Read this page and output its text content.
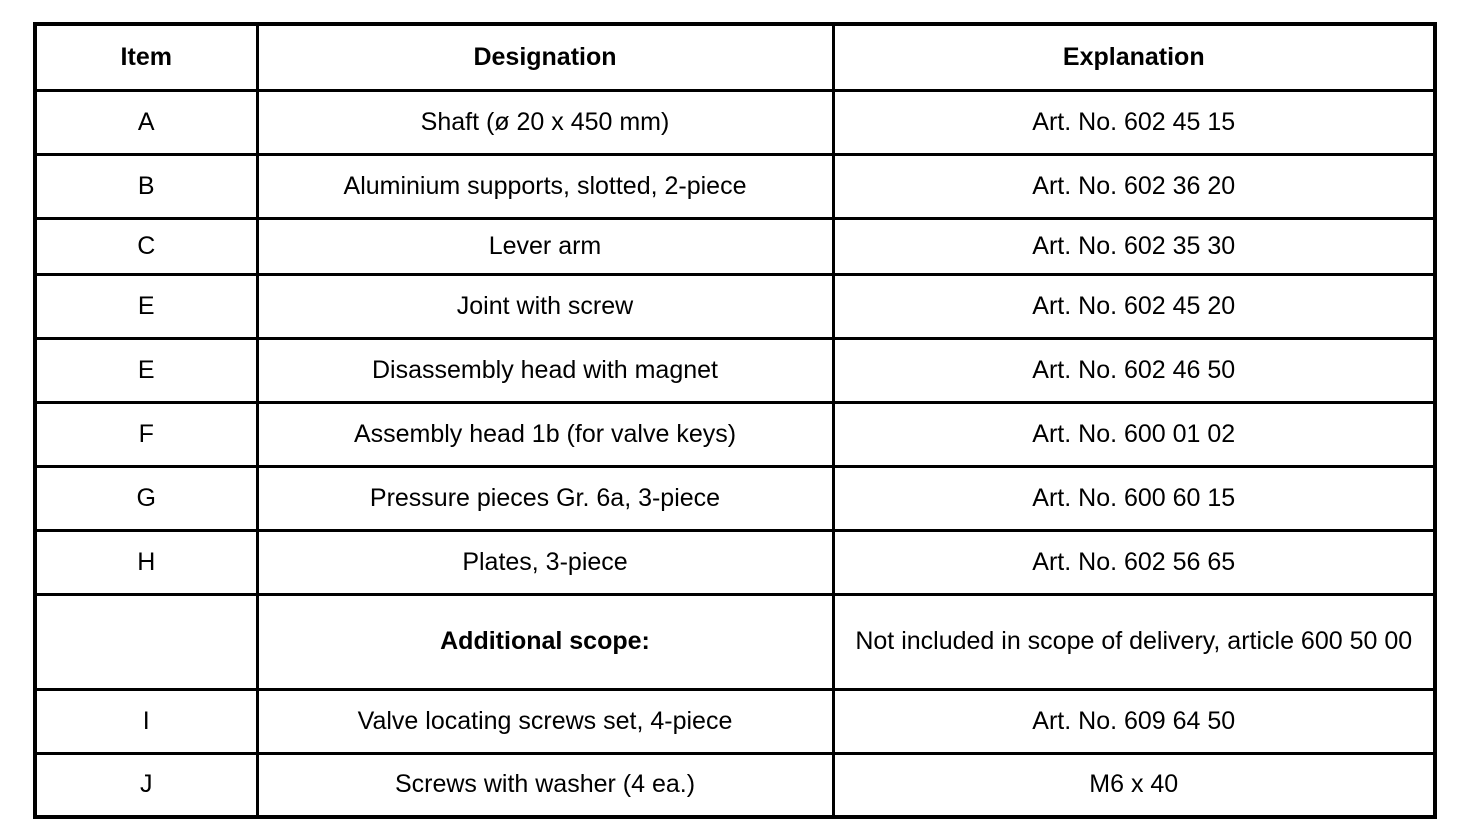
Item	Designation	Explanation
A	Shaft (ø 20 x 450 mm)	Art. No. 602 45 15
B	Aluminium supports, slotted, 2-piece	Art. No. 602 36 20
C	Lever arm	Art. No. 602 35 30
E	Joint with screw	Art. No. 602 45 20
E	Disassembly head with magnet	Art. No. 602 46 50
F	Assembly head 1b (for valve keys)	Art. No. 600 01 02
G	Pressure pieces Gr. 6a, 3-piece	Art. No. 600 60 15
H	Plates, 3-piece	Art. No. 602 56 65
	Additional scope:	Not included in scope of delivery, article 600 50 00
I	Valve locating screws set, 4-piece	Art. No. 609 64 50
J	Screws with washer (4 ea.)	M6 x 40
